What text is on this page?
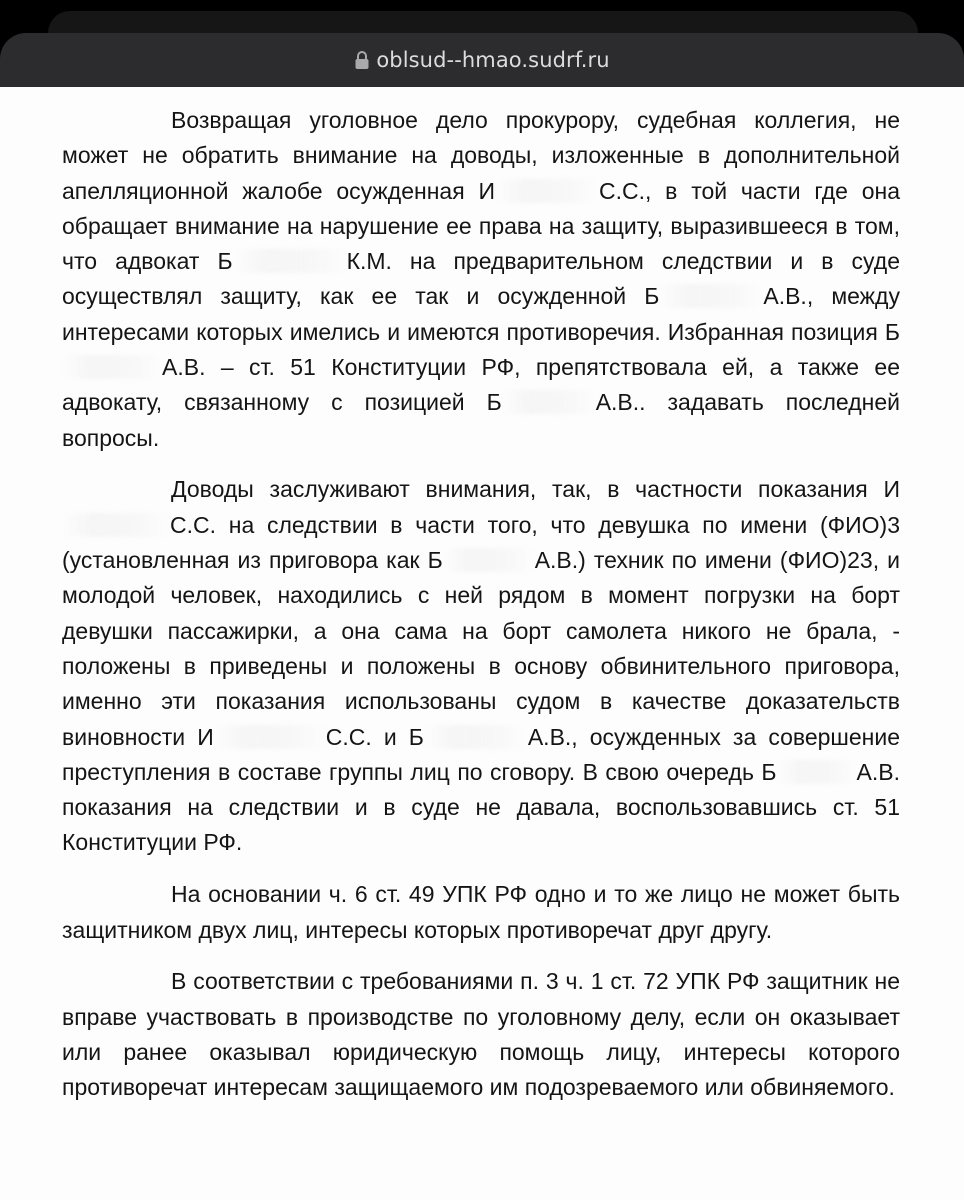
oblsud--hmao.sudrf.ru

Возвращая уголовное дело прокурору, судебная коллегия, не может не обратить внимание на доводы, изложенные в дополнительной апелляционной жалобе осужденная И	С.С., в той части где она обращает внимание на нарушение ее права на защиту, выразившееся в том, что адвокат Б	К.М. на предварительном следствии и в суде осуществлял защиту, как ее так и осужденной Б	А.В., между интересами которых имелись и имеются противоречия. Избранная позиция БА.В. – ст. 51 Конституции РФ, препятствовала ей, а также ее адвокату, связанному с позицией Б	А.В.. задавать последней вопросы.

Доводы заслуживают внимания, так, в частности показания ИС.С. на следствии в части того, что девушка по имени (ФИО)3 (установленная из приговора как Б	А.В.) техник по имени (ФИО)23, и молодой человек, находились с ней рядом в момент погрузки на борт девушки пассажирки, а она сама на борт самолета никого не брала, - положены в приведены и положены в основу обвинительного приговора, именно эти показания использованы судом в качестве доказательств виновности И	С.С. и Б	А.В., осужденных за совершение преступления в составе группы лиц по сговору. В свою очередь Б	А.В. показания на следствии и в суде не давала, воспользовавшись ст. 51 Конституции РФ.

На основании ч. 6 ст. 49 УПК РФ одно и то же лицо не может быть защитником двух лиц, интересы которых противоречат друг другу.

В соответствии с требованиями п. 3 ч. 1 ст. 72 УПК РФ защитник не вправе участвовать в производстве по уголовному делу, если он оказывает или ранее оказывал юридическую помощь лицу, интересы которого противоречат интересам защищаемого им подозреваемого или обвиняемого.
